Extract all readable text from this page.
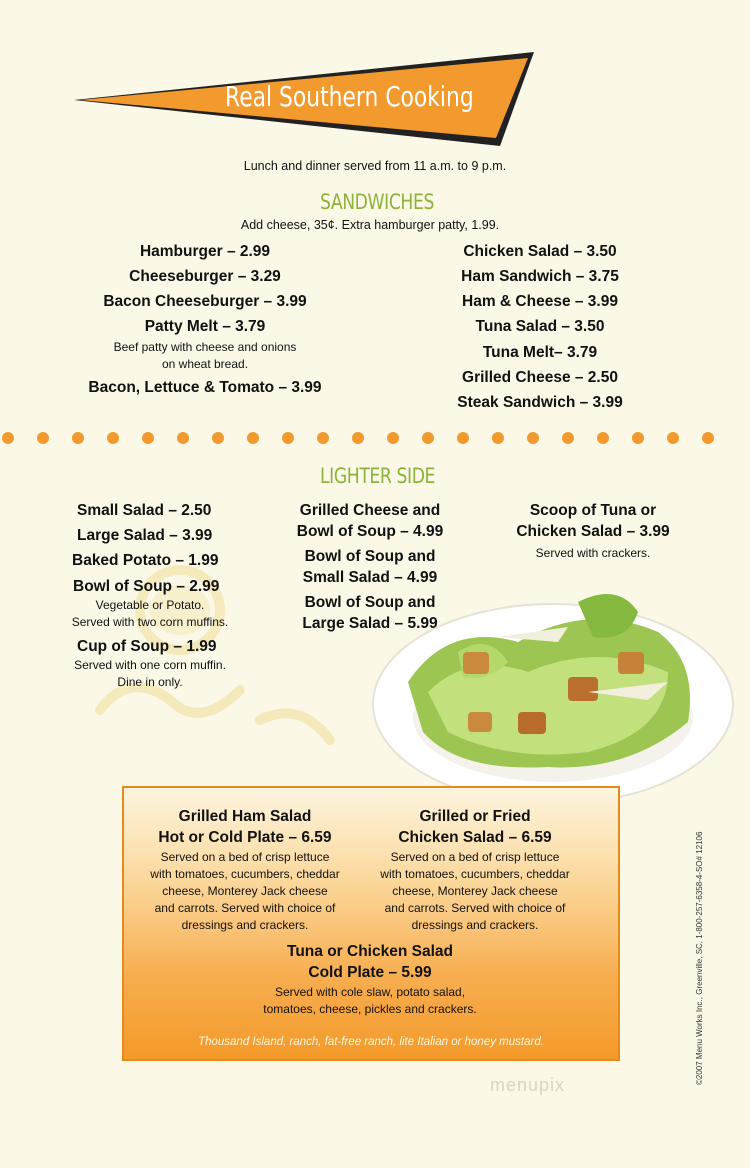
Real Southern Cooking
Lunch and dinner served from 11 a.m. to 9 p.m.
SANDWICHES
Add cheese, 35¢. Extra hamburger patty, 1.99.
Hamburger – 2.99
Cheeseburger – 3.29
Bacon Cheeseburger – 3.99
Patty Melt – 3.79
Beef patty with cheese and onions
on wheat bread.
Bacon, Lettuce & Tomato – 3.99
Chicken Salad – 3.50
Ham Sandwich – 3.75
Ham & Cheese – 3.99
Tuna Salad – 3.50
Tuna Melt– 3.79
Grilled Cheese – 2.50
Steak Sandwich – 3.99
LIGHTER SIDE
Small Salad – 2.50
Large Salad – 3.99
Baked Potato – 1.99
Bowl of Soup – 2.99
Vegetable or Potato.
Served with two corn muffins.
Cup of Soup – 1.99
Served with one corn muffin.
Dine in only.
Grilled Cheese and
Bowl of Soup – 4.99
Bowl of Soup and
Small Salad – 4.99
Bowl of Soup and
Large Salad – 5.99
Scoop of Tuna or
Chicken Salad – 3.99
Served with crackers.
Grilled Ham Salad
Hot or Cold Plate – 6.59
Served on a bed of crisp lettuce
with tomatoes, cucumbers, cheddar
cheese, Monterey Jack cheese
and carrots. Served with choice of
dressings and crackers.
Grilled or Fried
Chicken Salad – 6.59
Served on a bed of crisp lettuce
with tomatoes, cucumbers, cheddar
cheese, Monterey Jack cheese
and carrots. Served with choice of
dressings and crackers.
Tuna or Chicken Salad
Cold Plate – 5.99
Served with cole slaw, potato salad,
tomatoes, cheese, pickles and crackers.
Thousand Island, ranch, fat-free ranch, lite Italian or honey mustard.	©2007 Menu Works Inc., Greenville, SC, 1-800-257-6358-4-SO# 12106
menupix
